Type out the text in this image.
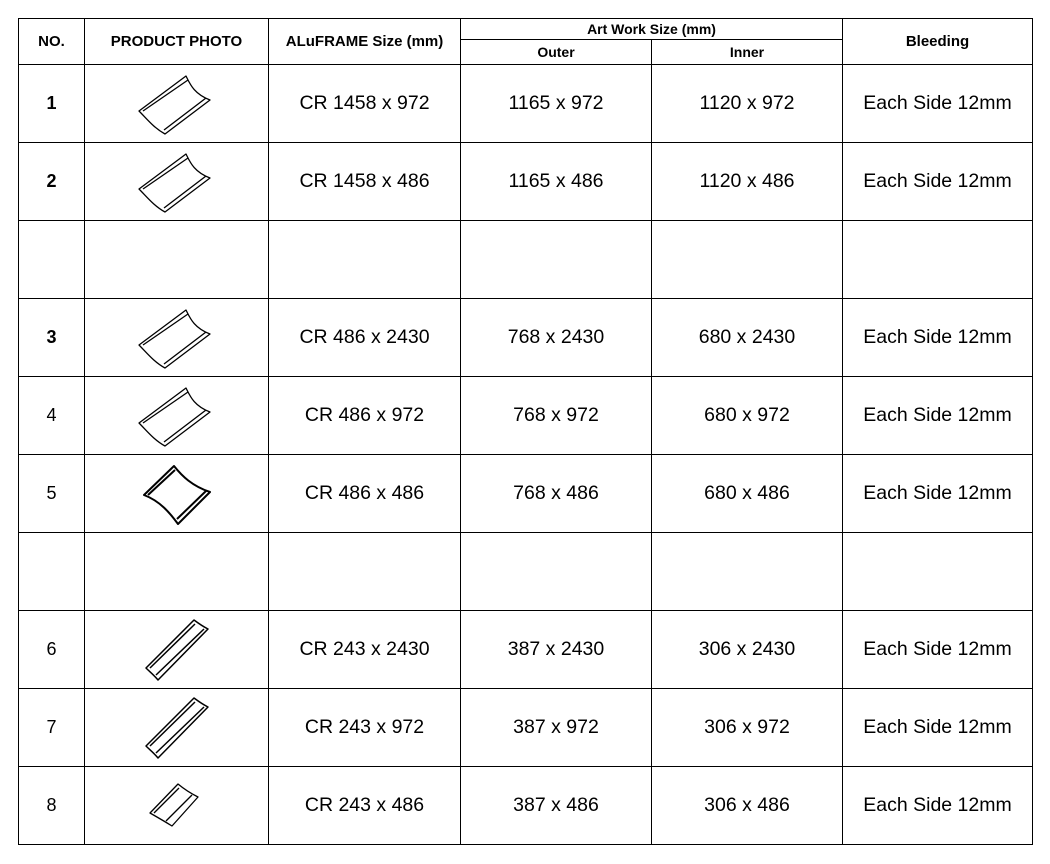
NO.	PRODUCT PHOTO	ALuFRAME Size (mm)	Art Work Size (mm)		Bleeding
			Outer	Inner	
1		CR 1458 x 972	1165 x 972	1120 x 972	Each Side 12mm
2		CR 1458 x 486	1165 x 486	1120 x 486	Each Side 12mm

3		CR 486 x 2430	768 x 2430	680 x 2430	Each Side 12mm
4		CR 486 x 972	768 x 972	680 x 972	Each Side 12mm
5		CR 486 x 486	768 x 486	680 x 486	Each Side 12mm

6		CR 243 x 2430	387 x 2430	306 x 2430	Each Side 12mm
7		CR 243 x 972	387 x 972	306 x 972	Each Side 12mm
8		CR 243 x 486	387 x 486	306 x 486	Each Side 12mm
